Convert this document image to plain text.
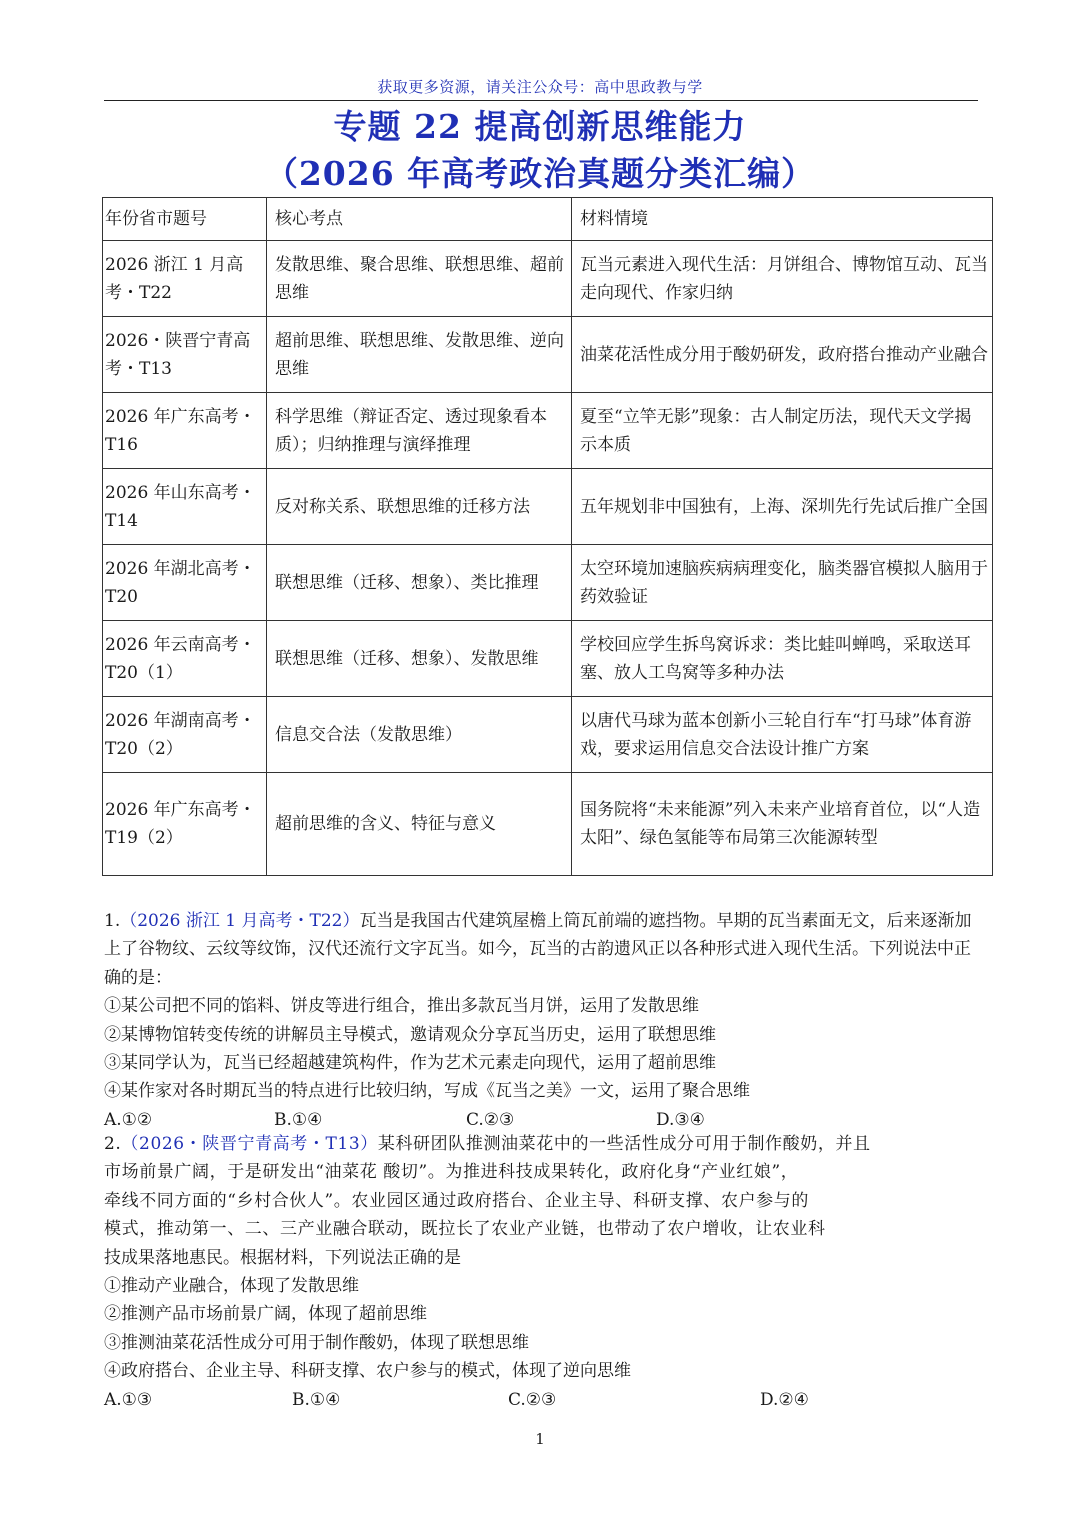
获取更多资源，请关注公众号：高中思政教与学
专题 22 提高创新思维能力
（2026 年高考政治真题分类汇编）
年份省市题号	核心考点	材料情境
2026 浙江 1 月高考・T22	发散思维、聚合思维、联想思维、超前思维	瓦当元素进入现代生活：月饼组合、博物馆互动、瓦当走向现代、作家归纳
2026・陕晋宁青高考・T13	超前思维、联想思维、发散思维、逆向思维	油菜花活性成分用于酸奶研发，政府搭台推动产业融合
2026 年广东高考・T16	科学思维（辩证否定、透过现象看本质）；归纳推理与演绎推理	夏至“立竿无影”现象：古人制定历法，现代天文学揭示本质
2026 年山东高考・T14	反对称关系、联想思维的迁移方法	五年规划非中国独有，上海、深圳先行先试后推广全国
2026 年湖北高考・T20	联想思维（迁移、想象）、类比推理	太空环境加速脑疾病病理变化，脑类器官模拟人脑用于药效验证
2026 年云南高考・T20（1）	联想思维（迁移、想象）、发散思维	学校回应学生拆鸟窝诉求：类比蛙叫蝉鸣，采取送耳塞、放人工鸟窝等多种办法
2026 年湖南高考・T20（2）	信息交合法（发散思维）	以唐代马球为蓝本创新小三轮自行车“打马球”体育游戏，要求运用信息交合法设计推广方案
2026 年广东高考・T19（2）	超前思维的含义、特征与意义	国务院将“未来能源”列入未来产业培育首位，以“人造太阳”、绿色氢能等布局第三次能源转型

1.（2026 浙江 1 月高考・T22）瓦当是我国古代建筑屋檐上筒瓦前端的遮挡物。早期的瓦当素面无文，后来逐渐加上了谷物纹、云纹等纹饰，汉代还流行文字瓦当。如今，瓦当的古韵遗风正以各种形式进入现代生活。下列说法中正确的是：

①某公司把不同的馅料、饼皮等进行组合，推出多款瓦当月饼，运用了发散思维

②某博物馆转变传统的讲解员主导模式，邀请观众分享瓦当历史，运用了联想思维

③某同学认为，瓦当已经超越建筑构件，作为艺术元素走向现代，运用了超前思维

④某作家对各时期瓦当的特点进行比较归纳，写成《瓦当之美》一文，运用了聚合思维

A.①②	B.①④	C.②③	D.③④

2.（2026・陕晋宁青高考・T13）某科研团队推测油菜花中的一些活性成分可用于制作酸奶，并且

市场前景广阔，于是研发出“油菜花 酸切”。为推进科技成果转化，政府化身“产业红娘”，

牵线不同方面的“乡村合伙人”。农业园区通过政府搭台、企业主导、科研支撑、农户参与的

模式，推动第一、二、三产业融合联动，既拉长了农业产业链，也带动了农户增收，让农业科

技成果落地惠民。根据材料，下列说法正确的是

①推动产业融合，体现了发散思维

②推测产品市场前景广阔，体现了超前思维

③推测油菜花活性成分可用于制作酸奶，体现了联想思维

④政府搭台、企业主导、科研支撑、农户参与的模式，体现了逆向思维

A.①③	B.①④	C.②③	D.②④
1
